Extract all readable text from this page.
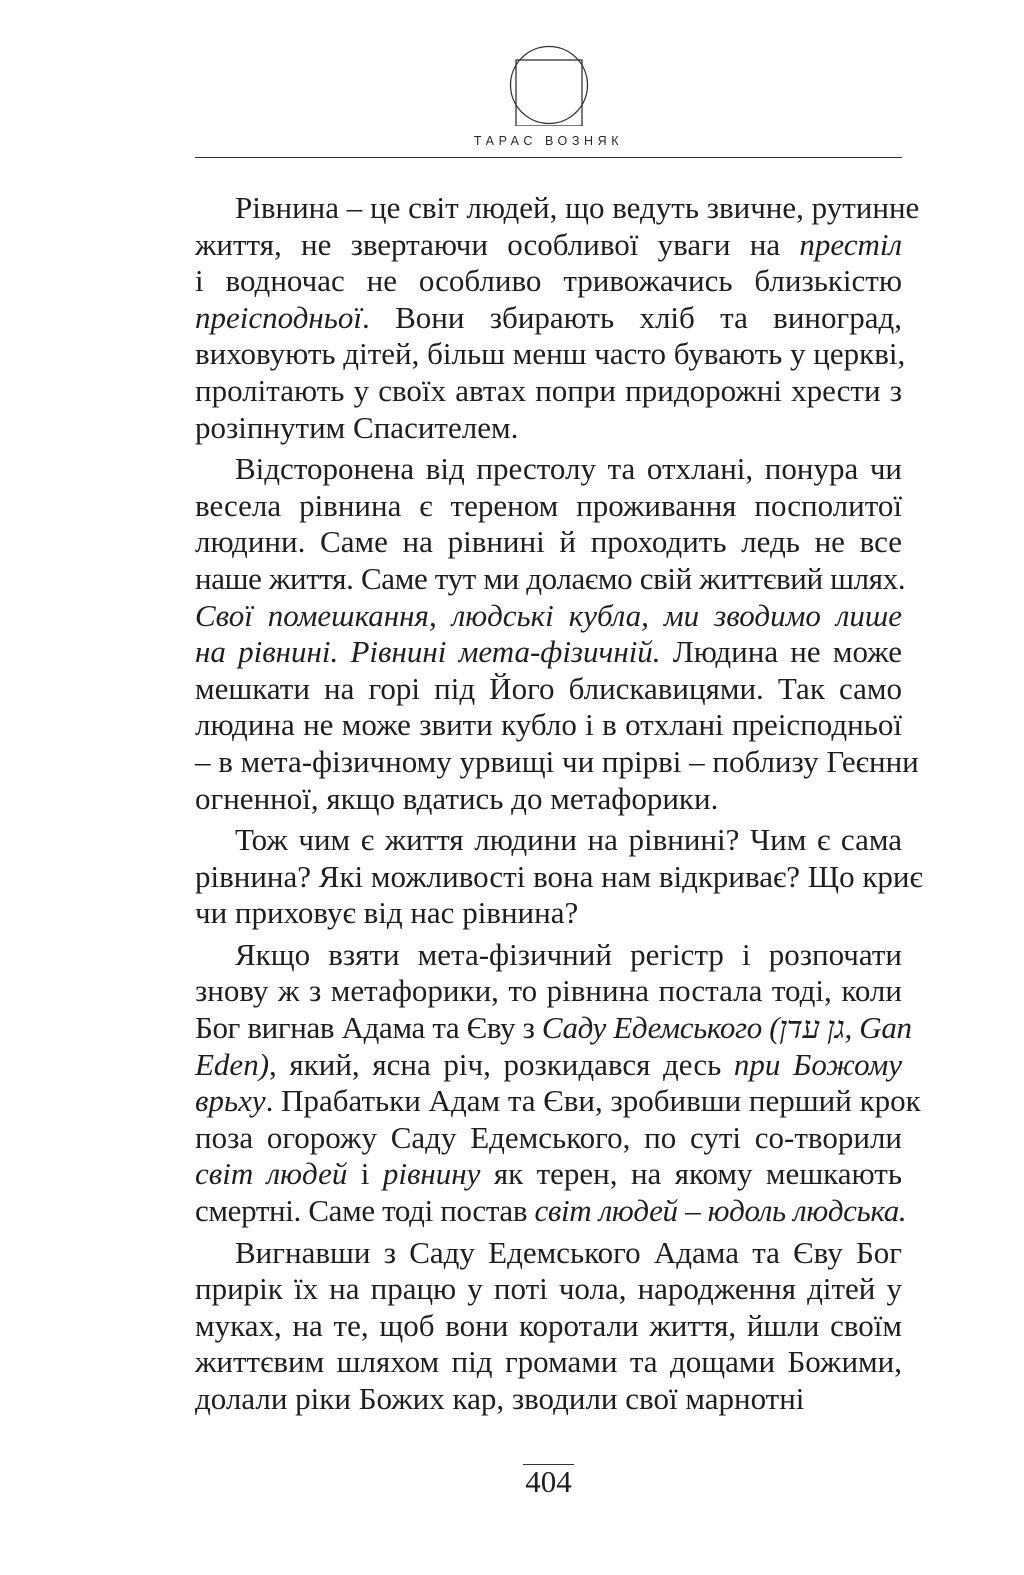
ТАРАС ВОЗНЯК
Рівнина – це світ людей, що ведуть звичне, рутинне
життя, не звертаючи особливої уваги на престіл
і водночас не особливо тривожачись близькістю
преісподньої. Вони збирають хліб та виноград,
виховують дітей, більш менш часто бувають у церкві,
пролітають у своїх автах попри придорожні хрести з
розіпнутим Спасителем.
Відсторонена від престолу та отхлані, понура чи
весела рівнина є тереном проживання посполитої
людини. Саме на рівнині й проходить ледь не все
наше життя. Саме тут ми долаємо свій життєвий шлях.
Свої помешкання, людські кубла, ми зводимо лише
на рівнині. Рівнині мета-фізичній. Людина не може
мешкати на горі під Його блискавицями. Так само
людина не може звити кубло і в отхлані преісподньої
– в мета-фізичному урвищі чи прірві – поблизу Геєнни
огненної, якщо вдатись до метафорики.
Тож чим є життя людини на рівнині? Чим є сама
рівнина? Які можливості вона нам відкриває? Що криє
чи приховує від нас рівнина?
Якщо взяти мета-фізичний регістр і розпочати
знову ж з метафорики, то рівнина постала тоді, коли
Бог вигнав Адама та Єву з Саду Едемського (גן עדן, Gan
Eden), який, ясна річ, розкидався десь при Божому
врьху. Прабатьки Адам та Єви, зробивши перший крок
поза огорожу Саду Едемського, по суті со-творили
світ людей і рівнину як терен, на якому мешкають
смертні. Саме тоді постав світ людей – юдоль людська.
Вигнавши з Саду Едемського Адама та Єву Бог
прирік їх на працю у поті чола, народження дітей у
муках, на те, щоб вони коротали життя, йшли своїм
життєвим шляхом під громами та дощами Божими,
долали ріки Божих кар, зводили свої марнотні
404
